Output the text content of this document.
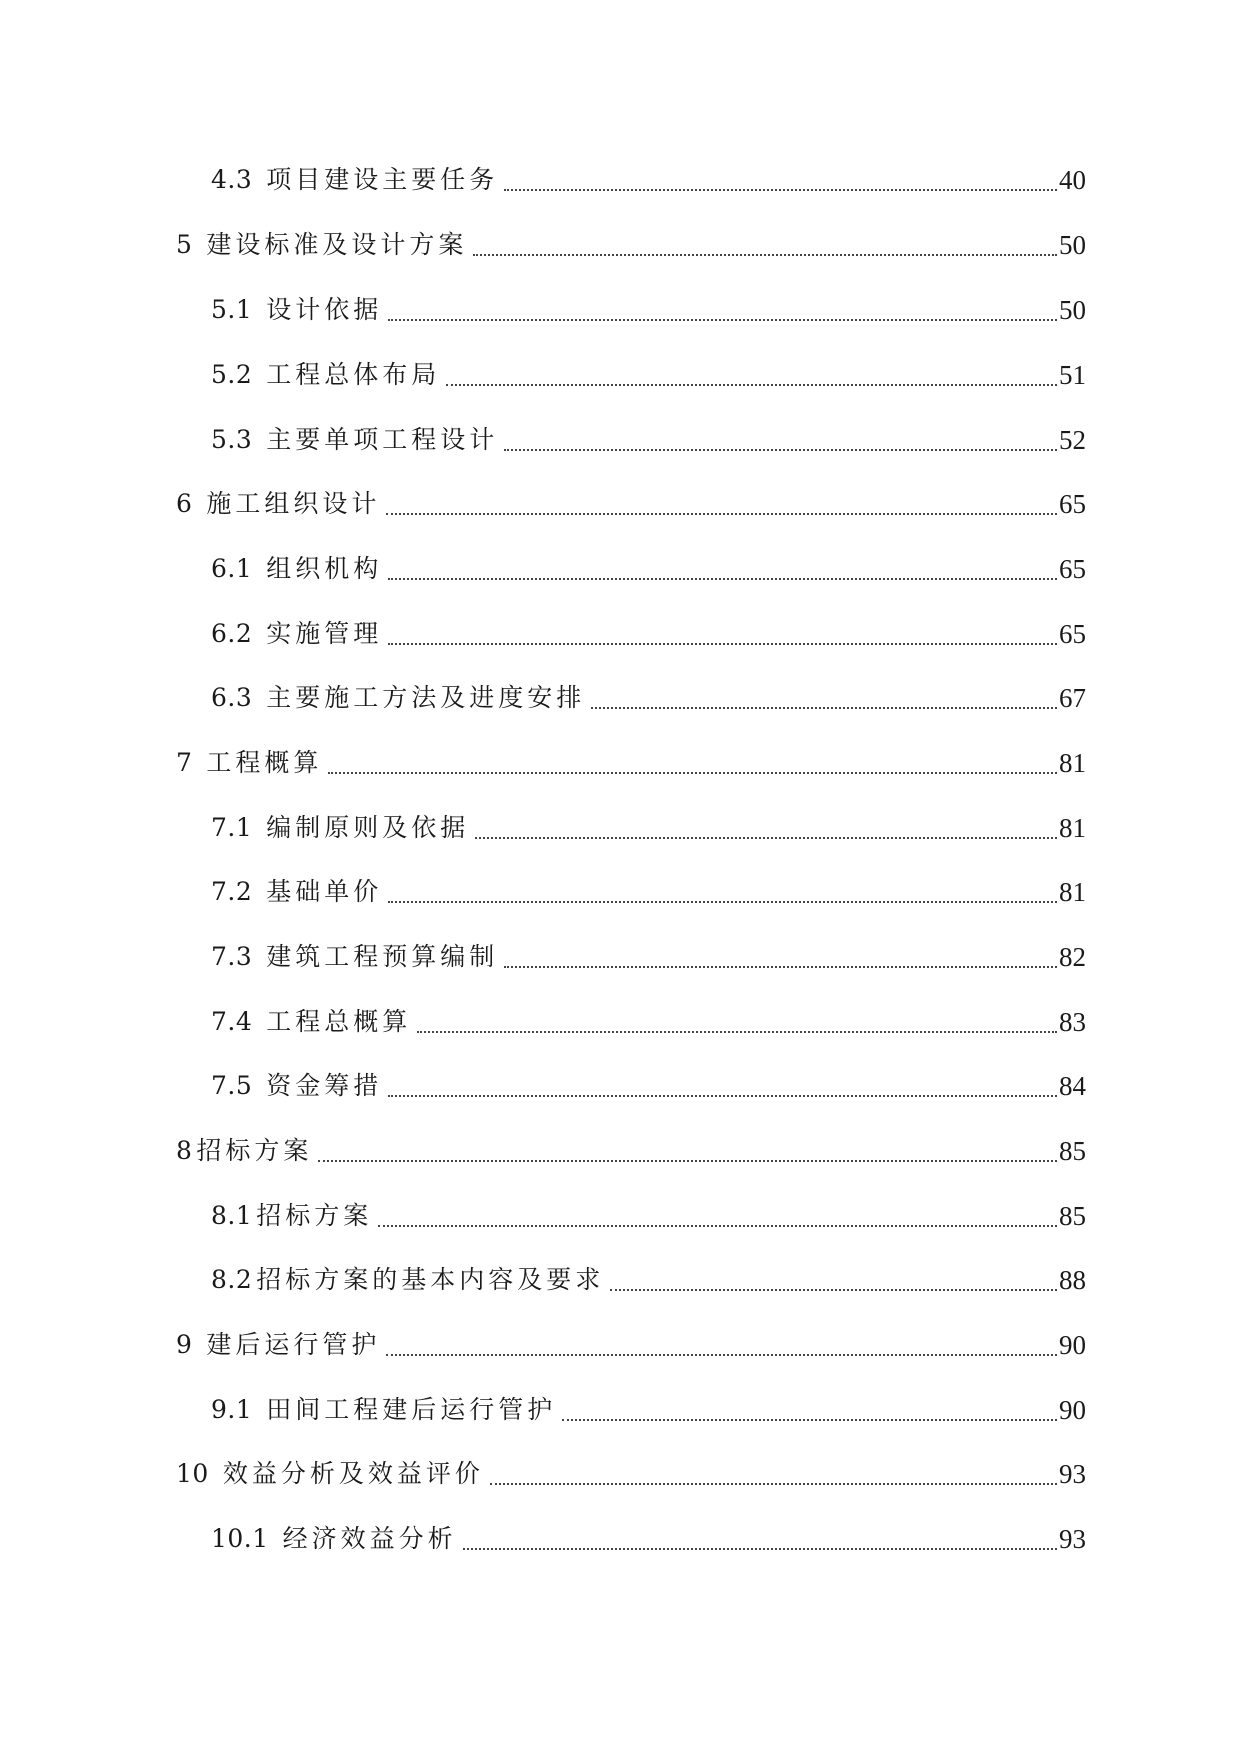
4.3 项目建设主要任务	40
5 建设标准及设计方案	50
5.1 设计依据	50
5.2 工程总体布局	51
5.3 主要单项工程设计	52
6 施工组织设计	65
6.1 组织机构	65
6.2 实施管理	65
6.3 主要施工方法及进度安排	67
7 工程概算	81
7.1 编制原则及依据	81
7.2 基础单价	81
7.3 建筑工程预算编制	82
7.4 工程总概算	83
7.5 资金筹措	84
8 招标方案	85
8.1 招标方案	85
8.2 招标方案的基本内容及要求	88
9 建后运行管护	90
9.1 田间工程建后运行管护	90
10 效益分析及效益评价	93
10.1 经济效益分析	93
